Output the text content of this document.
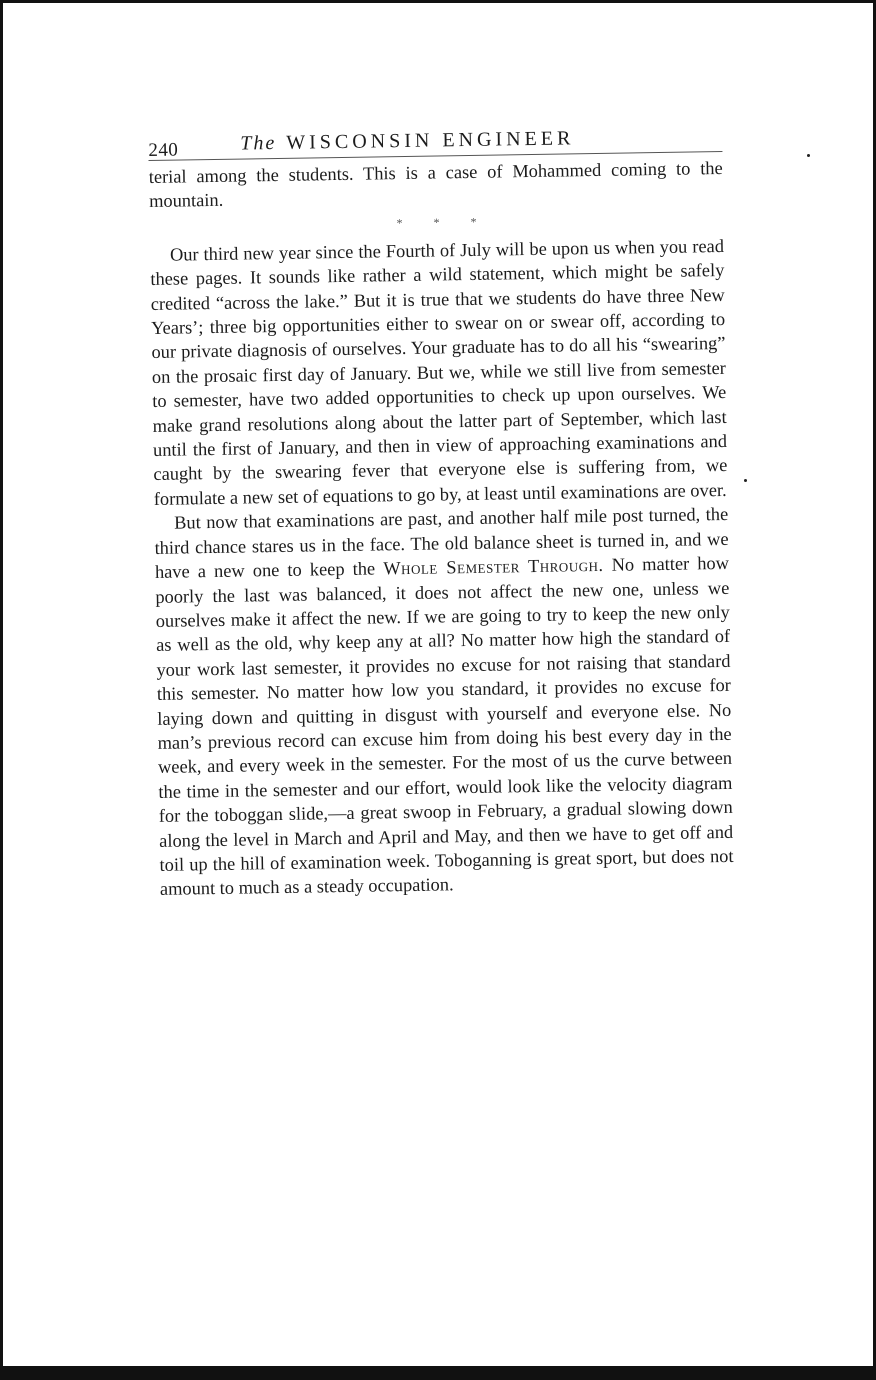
240	The WISCONSIN ENGINEER

terial among the students. This is a case of Mohammed coming to the mountain.

* * *

Our third new year since the Fourth of July will be upon us when you read these pages. It sounds like rather a wild statement, which might be safely credited “across the lake.” But it is true that we students do have three New Years’; three big opportunities either to swear on or swear off, according to our private diagnosis of ourselves. Your graduate has to do all his “swearing” on the prosaic first day of January. But we, while we still live from semester to semester, have two added opportunities to check up upon ourselves. We make grand resolutions along about the latter part of September, which last until the first of January, and then in view of approaching examinations and caught by the swearing fever that everyone else is suffering from, we formulate a new set of equations to go by, at least until examinations are over.

But now that examinations are past, and another half mile post turned, the third chance stares us in the face. The old balance sheet is turned in, and we have a new one to keep the Whole Semester Through. No matter how poorly the last was balanced, it does not affect the new one, unless we ourselves make it affect the new. If we are going to try to keep the new only as well as the old, why keep any at all? No matter how high the standard of your work last semester, it provides no excuse for not raising that standard this semester. No matter how low you standard, it provides no excuse for laying down and quitting in disgust with yourself and everyone else. No man’s previous record can excuse him from doing his best every day in the week, and every week in the semester. For the most of us the curve between the time in the semester and our effort, would look like the velocity diagram for the toboggan slide,—a great swoop in February, a gradual slowing down along the level in March and April and May, and then we have to get off and toil up the hill of examination week. Toboganning is great sport, but does not amount to much as a steady occupation.
